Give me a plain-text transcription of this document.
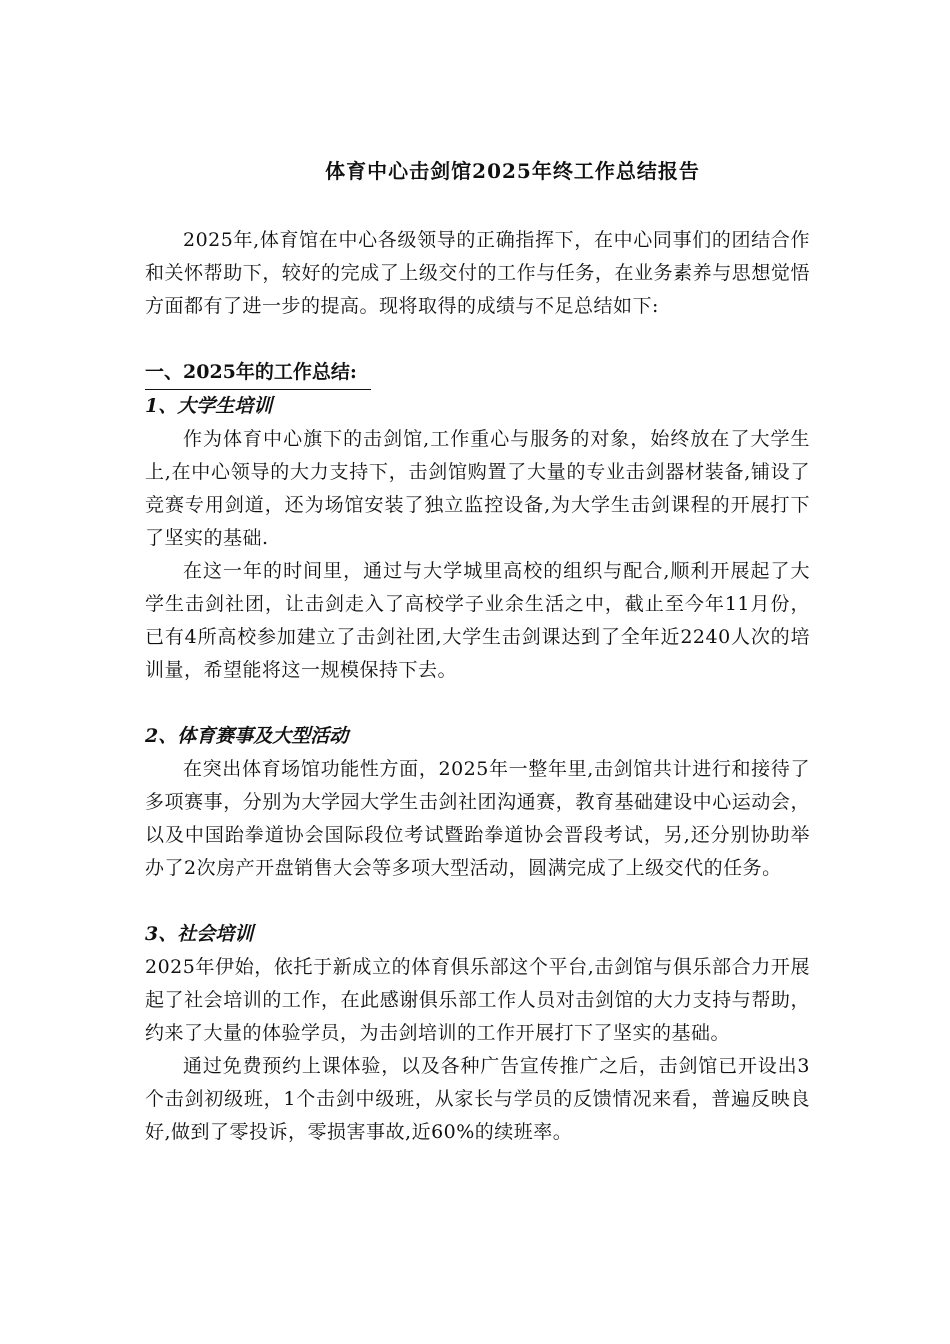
体育中心击剑馆2025年终工作总结报告

2025年,体育馆在中心各级领导的正确指挥下，在中心同事们的团结合作和关怀帮助下，较好的完成了上级交付的工作与任务，在业务素养与思想觉悟方面都有了进一步的提高。现将取得的成绩与不足总结如下:

一、2025年的工作总结:

1、大学生培训

作为体育中心旗下的击剑馆,工作重心与服务的对象，始终放在了大学生上,在中心领导的大力支持下，击剑馆购置了大量的专业击剑器材装备,铺设了竞赛专用剑道，还为场馆安装了独立监控设备,为大学生击剑课程的开展打下了坚实的基础.

在这一年的时间里，通过与大学城里高校的组织与配合,顺利开展起了大学生击剑社团，让击剑走入了高校学子业余生活之中，截止至今年11月份，已有4所高校参加建立了击剑社团,大学生击剑课达到了全年近2240人次的培训量，希望能将这一规模保持下去。

2、体育赛事及大型活动

在突出体育场馆功能性方面，2025年一整年里,击剑馆共计进行和接待了多项赛事，分别为大学园大学生击剑社团沟通赛，教育基础建设中心运动会，以及中国跆拳道协会国际段位考试暨跆拳道协会晋段考试，另,还分别协助举办了2次房产开盘销售大会等多项大型活动，圆满完成了上级交代的任务。

3、社会培训

2025年伊始，依托于新成立的体育俱乐部这个平台,击剑馆与俱乐部合力开展起了社会培训的工作，在此感谢俱乐部工作人员对击剑馆的大力支持与帮助，约来了大量的体验学员，为击剑培训的工作开展打下了坚实的基础。

通过免费预约上课体验，以及各种广告宣传推广之后，击剑馆已开设出3个击剑初级班，1个击剑中级班，从家长与学员的反馈情况来看，普遍反映良好,做到了零投诉，零损害事故,近60%的续班率。
